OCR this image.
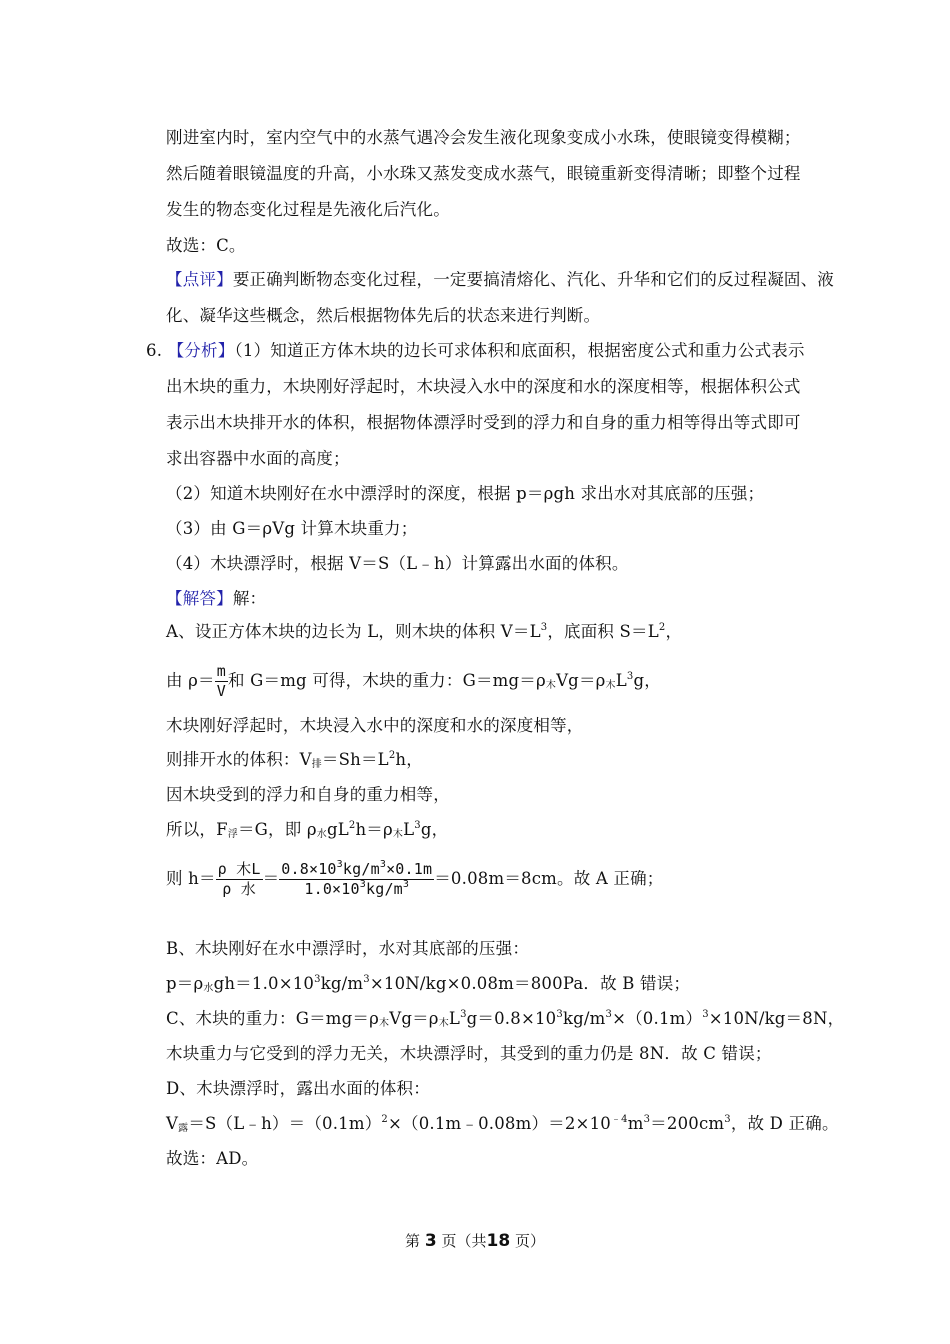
刚进室内时，室内空气中的水蒸气遇冷会发生液化现象变成小水珠，使眼镜变得模糊；
然后随着眼镜温度的升高，小水珠又蒸发变成水蒸气，眼镜重新变得清晰；即整个过程
发生的物态变化过程是先液化后汽化。
故选：C。
【点评】要正确判断物态变化过程，一定要搞清熔化、汽化、升华和它们的反过程凝固、液
化、凝华这些概念，然后根据物体先后的状态来进行判断。
6. 【分析】（1）知道正方体木块的边长可求体积和底面积，根据密度公式和重力公式表示
出木块的重力，木块刚好浮起时，木块浸入水中的深度和水的深度相等，根据体积公式
表示出木块排开水的体积，根据物体漂浮时受到的浮力和自身的重力相等得出等式即可
求出容器中水面的高度；
（2）知道木块刚好在水中漂浮时的深度，根据 p＝ρgh 求出水对其底部的压强；
（3）由 G＝ρVg 计算木块重力；
（4）木块漂浮时，根据 V＝S（L﹣h）计算露出水面的体积。
【解答】解：
A、设正方体木块的边长为 L，则木块的体积 $V=L^3$，底面积 $S=L^2$，
由 $\rho= \frac{m}{V}$ 和 G＝mg 可得，木块的重力：$G=mg=\rho_木Vg=\rho_木L^3g$，
木块刚好浮起时，木块浸入水中的深度和水的深度相等，
则排开水的体积：$V_排=Sh=L^2h$，
因木块受到的浮力和自身的重力相等，
所以，$F_浮=G$，即 $\rho_水gL^2h=\rho_木L^3g$，
则 $h= \frac{\text{ρ 木L}}{\text{ρ 水}} = \frac{0.8\times 10^3kg/m^3\times 0.1m}{1.0\times 10^3kg/m^3} =0.08m=8cm$。故 A 正确；
B、木块刚好在水中漂浮时，水对其底部的压强：
$p=\rho_水gh=1.0\times 10^3kg/m^3\times 10N/kg\times 0.08m=800Pa$．故 B 错误；
C、木块的重力：$G=mg=\rho_木Vg=\rho_木L^3g=0.8\times 10^3kg/m^3\times(0.1m)^3\times 10N/kg=8N$，
木块重力与它受到的浮力无关，木块漂浮时，其受到的重力仍是 8N．故 C 错误；
D、木块漂浮时，露出水面的体积：
$V_露=S(L﹣h)=(0.1m)^2\times(0.1m﹣0.08m)=2\times 10^{﹣4}m^3=200cm^3$，故 D 正确。
故选：AD。
第 3 页（共18 页）
